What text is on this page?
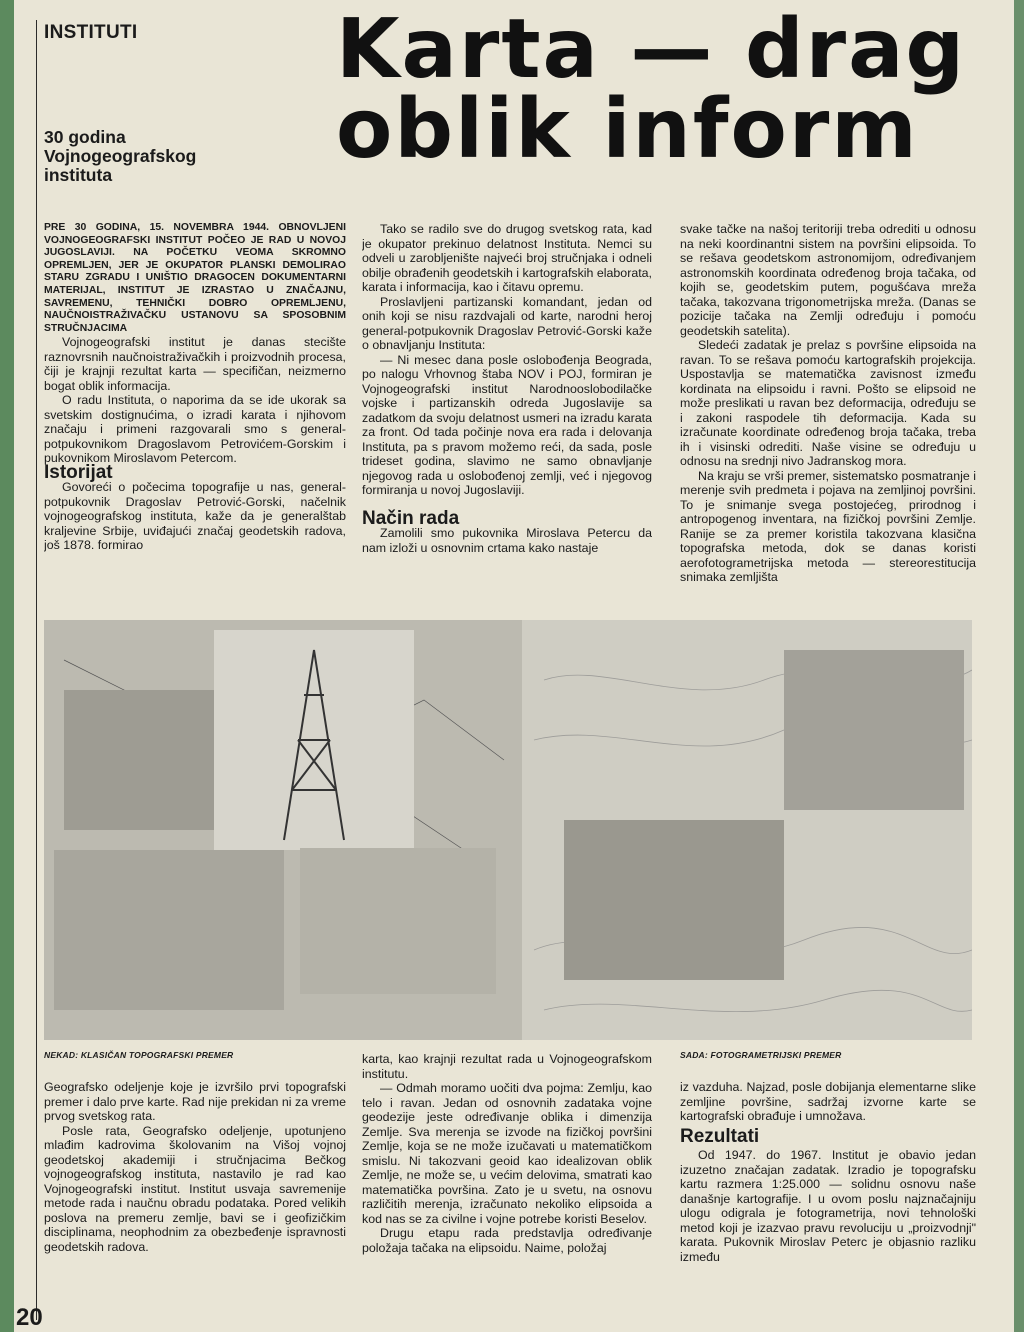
INSTITUTI
30 godina
Vojnogeografskog
instituta
Karta — drag
oblik inform

PRE 30 GODINA, 15. NOVEMBRA 1944. OBNOVLJENI VOJNOGEOGRAFSKI INSTITUT POČEO JE RAD U NOVOJ JUGOSLAVIJI. NA POČETKU VEOMA SKROMNO OPREMLJEN, JER JE OKUPATOR PLANSKI DEMOLIRAO STARU ZGRADU I UNIŠTIO DRAGOCEN DOKUMENTARNI MATERIJAL, INSTITUT JE IZRASTAO U ZNAČAJNU, SAVREMENU, TEHNIČKI DOBRO OPREMLJENU, NAUČNOISTRAŽIVAČKU USTANOVU SA SPOSOBNIM STRUČNJACIMA

Vojnogeografski institut je danas stecište raznovrsnih naučnoistraživačkih i proizvodnih procesa, čiji je krajnji rezultat karta — specifičan, neizmerno bogat oblik informacija.

O radu Instituta, o naporima da se ide ukorak sa svetskim dostignućima, o izradi karata i njihovom značaju i primeni razgovarali smo s general-potpukovnikom Dragoslavom Petrovićem-Gorskim i pukovnikom Miroslavom Petercom.

Istorijat

Govoreći o počecima topografije u nas, general-potpukovnik Dragoslav Petrović-Gorski, načelnik vojnogeografskog instituta, kaže da je generalštab kraljevine Srbije, uviđajući značaj geodetskih radova, još 1878. formirao

Tako se radilo sve do drugog svetskog rata, kad je okupator prekinuo delatnost Instituta. Nemci su odveli u zarobljenište najveći broj stručnjaka i odneli obilje obrađenih geodetskih i kartografskih elaborata, karata i informacija, kao i čitavu opremu.

Proslavljeni partizanski komandant, jedan od onih koji se nisu razdvajali od karte, narodni heroj general-potpukovnik Dragoslav Petrović-Gorski kaže o obnavljanju Instituta:

— Ni mesec dana posle oslobođenja Beograda, po nalogu Vrhovnog štaba NOV i POJ, formiran je Vojnogeografski institut Narodnooslobodilačke vojske i partizanskih odreda Jugoslavije sa zadatkom da svoju delatnost usmeri na izradu karata za front. Od tada počinje nova era rada i delovanja Instituta, pa s pravom možemo reći, da sada, posle trideset godina, slavimo ne samo obnavljanje njegovog rada u oslobođenoj zemlji, već i njegovog formiranja u novoj Jugoslaviji.

Način rada

Zamolili smo pukovnika Miroslava Petercu da nam izloži u osnovnim crtama kako nastaje

svake tačke na našoj teritoriji treba odrediti u odnosu na neki koordinantni sistem na površini elipsoida. To se rešava geodetskom astronomijom, određivanjem astronomskih koordinata određenog broja tačaka, od kojih se, geodetskim putem, pogušćava mreža tačaka, takozvana trigonometrijska mreža. (Danas se pozicije tačaka na Zemlji određuju i pomoću geodetskih satelita).

Sledeći zadatak je prelaz s površine elipsoida na ravan. To se rešava pomoću kartografskih projekcija. Uspostavlja se matematička zavisnost između kordinata na elipsoidu i ravni. Pošto se elipsoid ne može preslikati u ravan bez deformacija, određuju se i zakoni raspodele tih deformacija. Kada su izračunate koordinate određenog broja tačaka, treba ih i visinski odrediti. Naše visine se određuju u odnosu na srednji nivo Jadranskog mora.

Na kraju se vrši premer, sistematsko posmatranje i merenje svih predmeta i pojava na zemljinoj površini. To je snimanje svega postojećeg, prirodnog i antropogenog inventara, na fizičkoj površini Zemlje. Ranije se za premer koristila takozvana klasična topografska metoda, dok se danas koristi aerofotogrametrijska metoda — stereorestitucija snimaka zemljišta

NEKAD: KLASIČAN TOPOGRAFSKI PREMER	SADA: FOTOGRAMETRIJSKI PREMER

Geografsko odeljenje koje je izvršilo prvi topografski premer i dalo prve karte. Rad nije prekidan ni za vreme prvog svetskog rata.

Posle rata, Geografsko odeljenje, upotunjeno mlađim kadrovima školovanim na Višoj vojnoj geodetskoj akademiji i stručnjacima Bečkog vojnogeografskog instituta, nastavilo je rad kao Vojnogeografski institut. Institut usvaja savremenije metode rada i naučnu obradu podataka. Pored velikih poslova na premeru zemlje, bavi se i geofizičkim disciplinama, neophodnim za obezbeđenje ispravnosti geodetskih radova.

karta, kao krajnji rezultat rada u Vojnogeografskom institutu.

— Odmah moramo uočiti dva pojma: Zemlju, kao telo i ravan. Jedan od osnovnih zadataka vojne geodezije jeste određivanje oblika i dimenzija Zemlje. Sva merenja se izvode na fizičkoj površini Zemlje, koja se ne može izučavati u matematičkom smislu. Ni takozvani geoid kao idealizovan oblik Zemlje, ne može se, u većim delovima, smatrati kao matematička površina. Zato je u svetu, na osnovu različitih merenja, izračunato nekoliko elipsoida a kod nas se za civilne i vojne potrebe koristi Beselov.

Drugu etapu rada predstavlja određivanje položaja tačaka na elipsoidu. Naime, položaj

iz vazduha. Najzad, posle dobijanja elementarne slike zemljine površine, sadržaj izvorne karte se kartografski obrađuje i umnožava.

Rezultati

Od 1947. do 1967. Institut je obavio jedan izuzetno značajan zadatak. Izradio je topografsku kartu razmera 1:25.000 — solidnu osnovu naše današnje kartografije. I u ovom poslu najznačajniju ulogu odigrala je fotogrametrija, novi tehnološki metod koji je izazvao pravu revoluciju u „proizvodnji" karata. Pukovnik Miroslav Peterc je objasnio razliku između

20
